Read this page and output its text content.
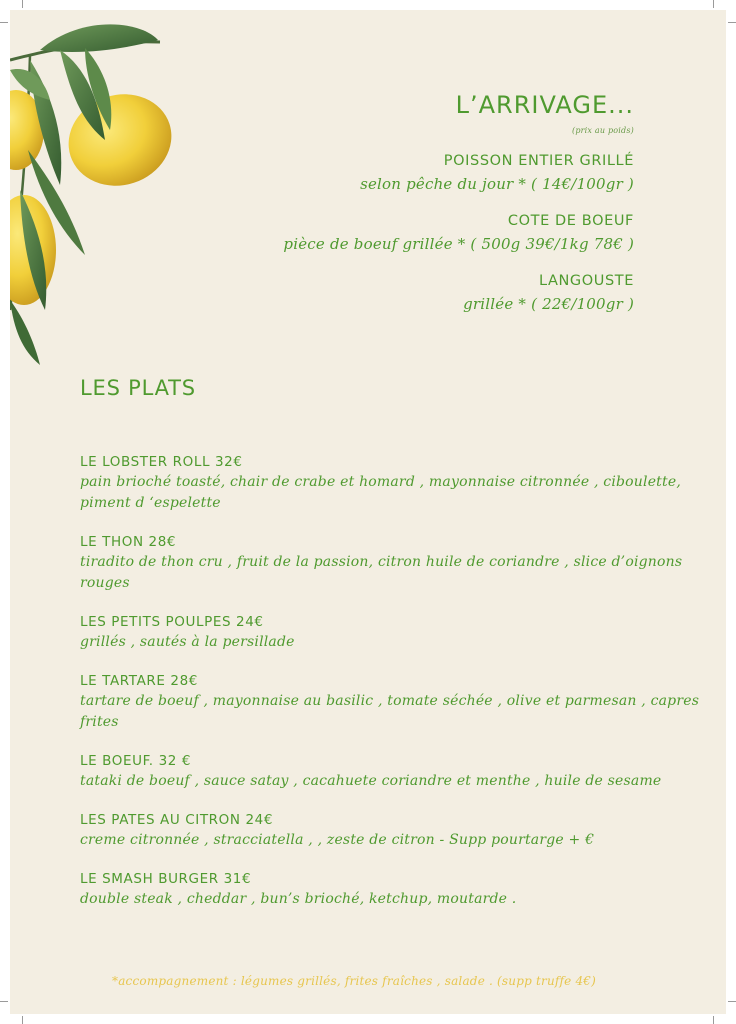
L’ARRIVAGE...
(prix au poids)
POISSON ENTIER GRILLÉ
selon pêche du jour * ( 14€/100gr )
COTE DE BOEUF
pièce de boeuf grillée * ( 500g 39€/1kg 78€ )
LANGOUSTE
grillée * ( 22€/100gr )
LES PLATS
LE LOBSTER ROLL 32€
pain brioché toasté, chair de crabe et homard , mayonnaise citronnée , ciboulette, piment d ‘espelette
LE THON 28€
tiradito de thon cru , fruit de la passion, citron huile de coriandre , slice d’oignons rouges
LES PETITS POULPES 24€
grillés , sautés à la persillade
LE TARTARE 28€
tartare de boeuf , mayonnaise au basilic , tomate séchée , olive et parmesan , capres frites
LE BOEUF. 32 €
tataki de boeuf , sauce satay , cacahuete coriandre et menthe , huile de sesame
LES PATES AU CITRON 24€
creme citronnée , stracciatella , , zeste de citron - Supp pourtarge + €
LE SMASH BURGER 31€
double steak , cheddar , bun’s brioché, ketchup, moutarde .
*accompagnement : légumes grillés, frites fraîches , salade . (supp truffe 4€)
